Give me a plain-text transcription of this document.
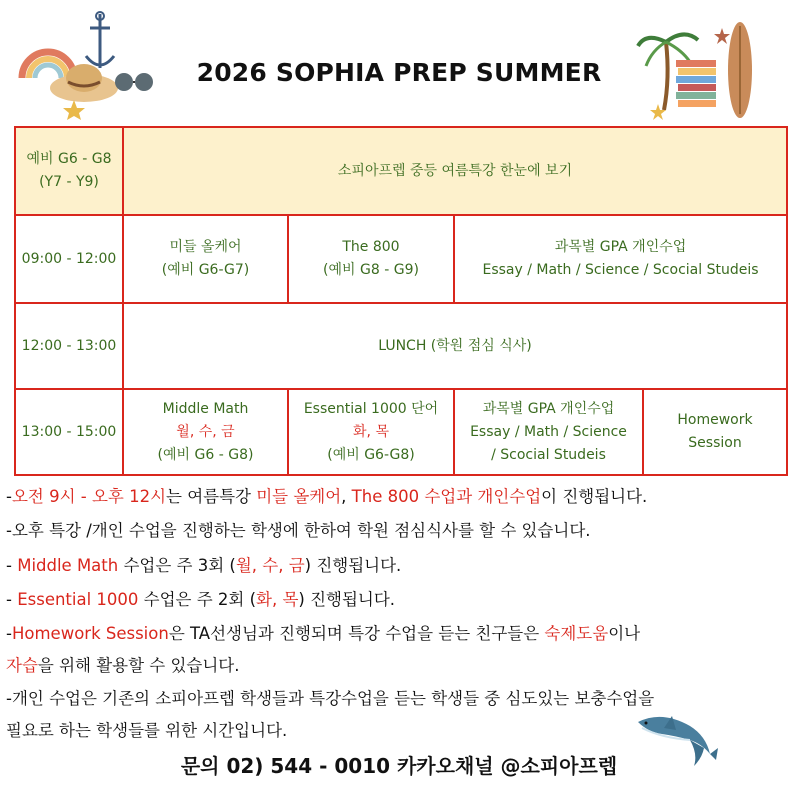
2026 SOPHIA PREP SUMMER
예비 G6 - G8
(Y7 - Y9)
소피아프렙 중등 여름특강 한눈에 보기
09:00 - 12:00
미들 올케어
(예비 G6-G7)
The 800
(예비 G8 - G9)
과목별 GPA 개인수업
Essay / Math / Science / Scocial Studeis
12:00 - 13:00	LUNCH (학원 점심 식사)
13:00 - 15:00
Middle Math
월, 수, 금
(예비 G6 - G8)
Essential 1000 단어
화, 목
(예비 G6-G8)
과목별 GPA 개인수업
Essay / Math / Science
/ Scocial Studeis
Homework
Session
-오전 9시 - 오후 12시는 여름특강 미들 올케어, The 800 수업과 개인수업이 진행됩니다.
-오후 특강 /개인 수업을 진행하는 학생에 한하여 학원 점심식사를 할 수 있습니다.
- Middle Math 수업은 주 3회 (월, 수, 금) 진행됩니다.
- Essential 1000 수업은 주 2회 (화, 목) 진행됩니다.
-Homework Session은 TA선생님과 진행되며 특강 수업을 듣는 친구들은 숙제도움이나
자습을 위해 활용할 수 있습니다.
-개인 수업은 기존의 소피아프렙 학생들과 특강수업을 듣는 학생들 중 심도있는 보충수업을
필요로 하는 학생들를 위한 시간입니다.
문의 02) 544 - 0010 카카오채널 @소피아프렙
